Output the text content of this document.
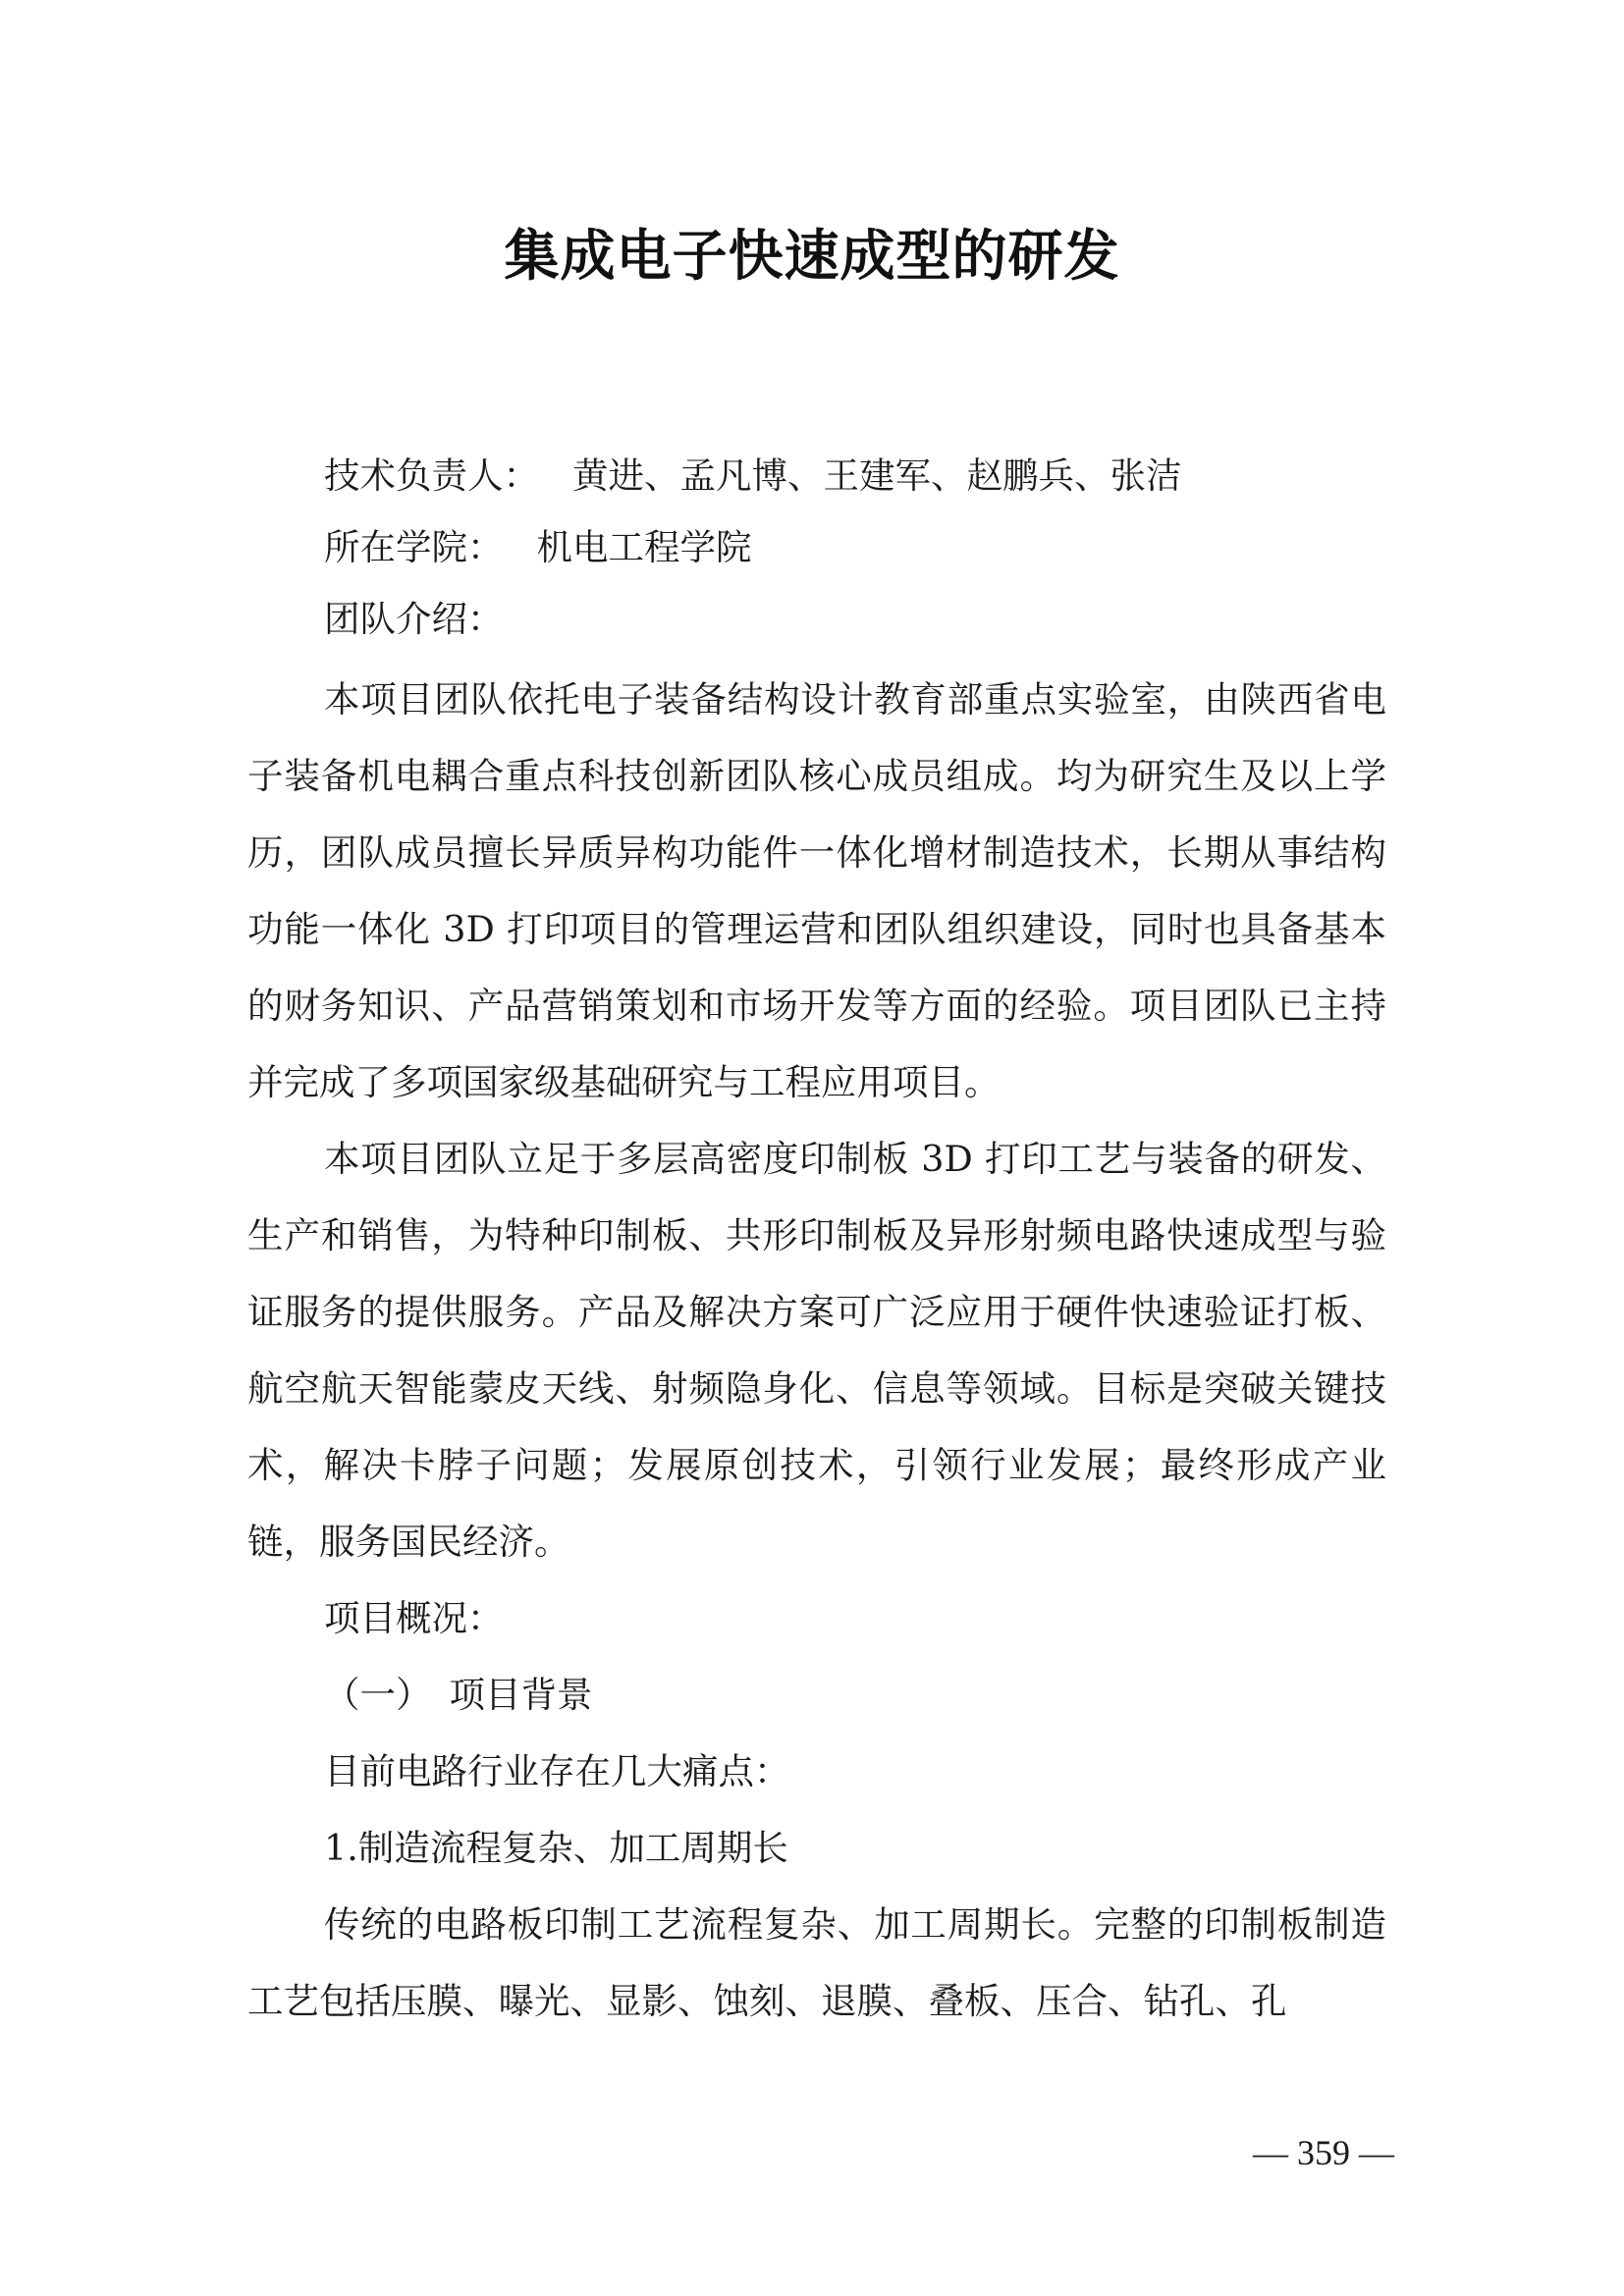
集成电子快速成型的研发
技术负责人： 黄进、孟凡博、王建军、赵鹏兵、张洁
所在学院： 机电工程学院
团队介绍：

本项目团队依托电子装备结构设计教育部重点实验室，由陕西省电子装备机电耦合重点科技创新团队核心成员组成。均为研究生及以上学历，团队成员擅长异质异构功能件一体化增材制造技术，长期从事结构功能一体化 3D 打印项目的管理运营和团队组织建设，同时也具备基本的财务知识、产品营销策划和市场开发等方面的经验。项目团队已主持并完成了多项国家级基础研究与工程应用项目。

本项目团队立足于多层高密度印制板 3D 打印工艺与装备的研发、生产和销售，为特种印制板、共形印制板及异形射频电路快速成型与验证服务的提供服务。产品及解决方案可广泛应用于硬件快速验证打板、航空航天智能蒙皮天线、射频隐身化、信息等领域。目标是突破关键技术，解决卡脖子问题；发展原创技术，引领行业发展；最终形成产业链，服务国民经济。

项目概况：

（一） 项目背景

目前电路行业存在几大痛点：

1.制造流程复杂、加工周期长

传统的电路板印制工艺流程复杂、加工周期长。完整的印制板制造工艺包括压膜、曝光、显影、蚀刻、退膜、叠板、压合、钻孔、孔

— 359 —
